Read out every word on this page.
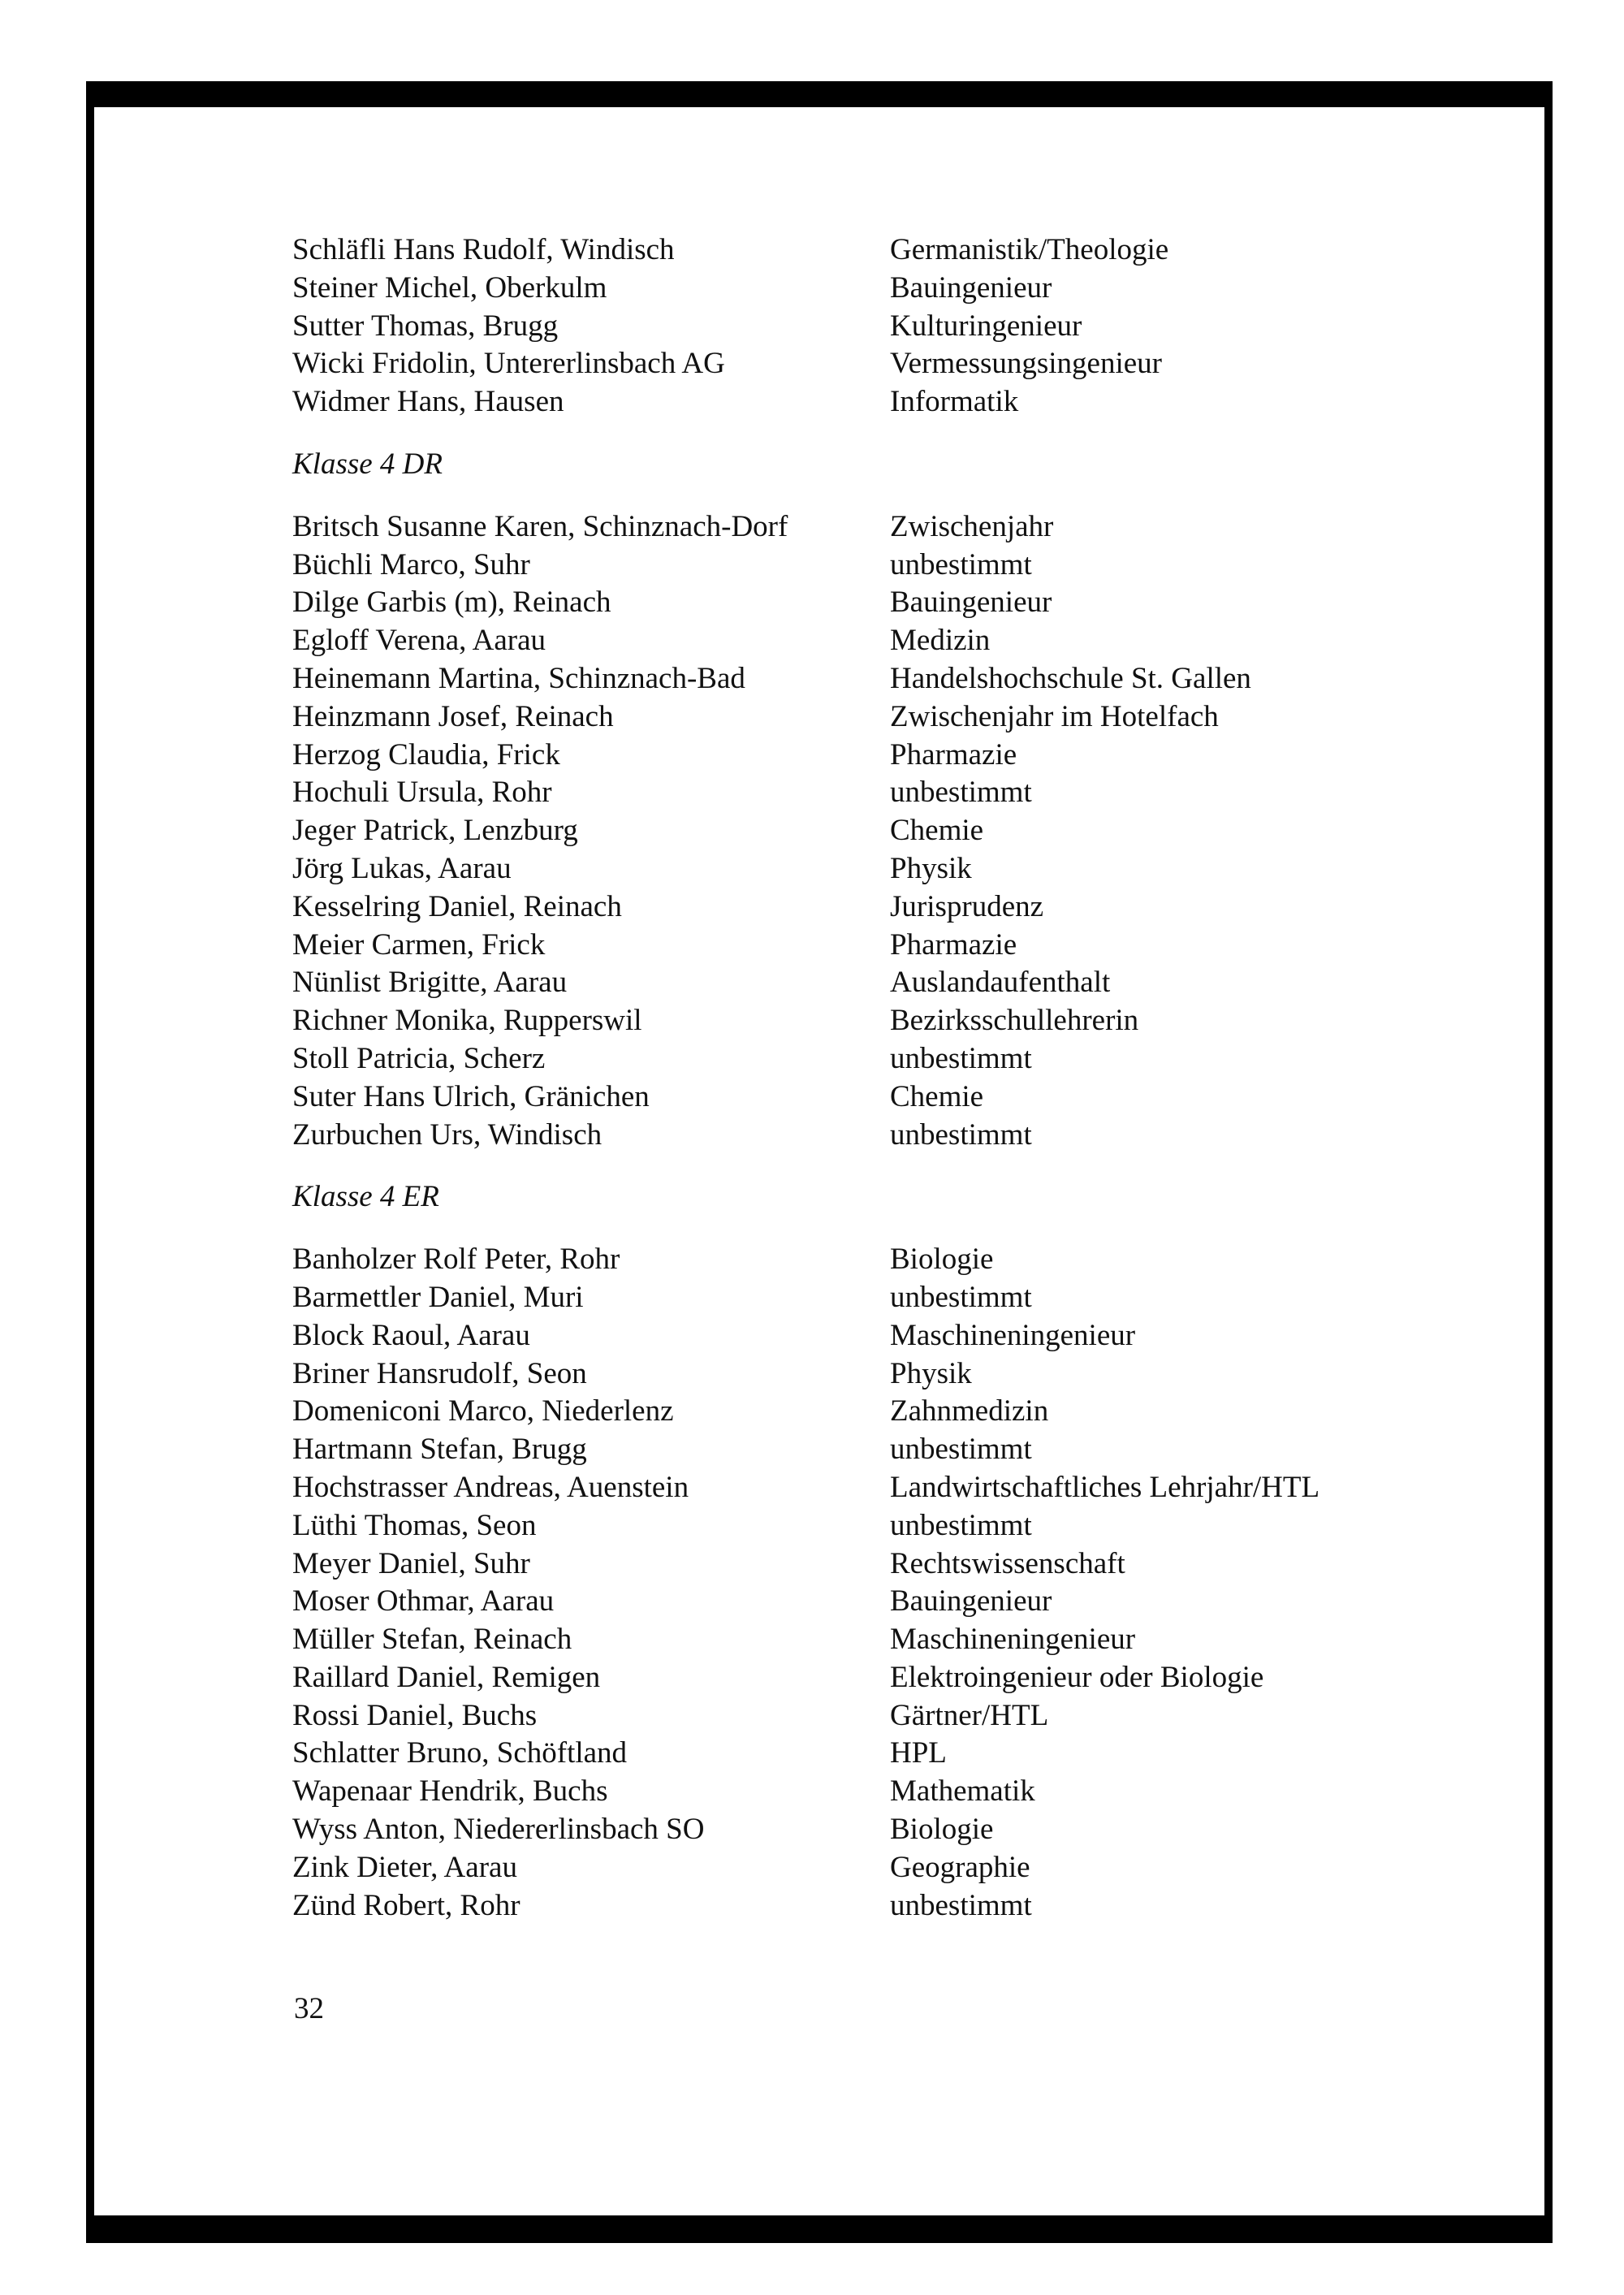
Schläfli Hans Rudolf, Windisch	Germanistik/Theologie
Steiner Michel, Oberkulm	Bauingenieur
Sutter Thomas, Brugg	Kulturingenieur
Wicki Fridolin, Untererlinsbach AG	Vermessungsingenieur
Widmer Hans, Hausen	Informatik
Klasse 4 DR
Britsch Susanne Karen, Schinznach-Dorf	Zwischenjahr
Büchli Marco, Suhr	unbestimmt
Dilge Garbis (m), Reinach	Bauingenieur
Egloff Verena, Aarau	Medizin
Heinemann Martina, Schinznach-Bad	Handelshochschule St. Gallen
Heinzmann Josef, Reinach	Zwischenjahr im Hotelfach
Herzog Claudia, Frick	Pharmazie
Hochuli Ursula, Rohr	unbestimmt
Jeger Patrick, Lenzburg	Chemie
Jörg Lukas, Aarau	Physik
Kesselring Daniel, Reinach	Jurisprudenz
Meier Carmen, Frick	Pharmazie
Nünlist Brigitte, Aarau	Auslandaufenthalt
Richner Monika, Rupperswil	Bezirksschullehrerin
Stoll Patricia, Scherz	unbestimmt
Suter Hans Ulrich, Gränichen	Chemie
Zurbuchen Urs, Windisch	unbestimmt
Klasse 4 ER
Banholzer Rolf Peter, Rohr	Biologie
Barmettler Daniel, Muri	unbestimmt
Block Raoul, Aarau	Maschineningenieur
Briner Hansrudolf, Seon	Physik
Domeniconi Marco, Niederlenz	Zahnmedizin
Hartmann Stefan, Brugg	unbestimmt
Hochstrasser Andreas, Auenstein	Landwirtschaftliches Lehrjahr/HTL
Lüthi Thomas, Seon	unbestimmt
Meyer Daniel, Suhr	Rechtswissenschaft
Moser Othmar, Aarau	Bauingenieur
Müller Stefan, Reinach	Maschineningenieur
Raillard Daniel, Remigen	Elektroingenieur oder Biologie
Rossi Daniel, Buchs	Gärtner/HTL
Schlatter Bruno, Schöftland	HPL
Wapenaar Hendrik, Buchs	Mathematik
Wyss Anton, Niedererlinsbach SO	Biologie
Zink Dieter, Aarau	Geographie
Zünd Robert, Rohr	unbestimmt
32
